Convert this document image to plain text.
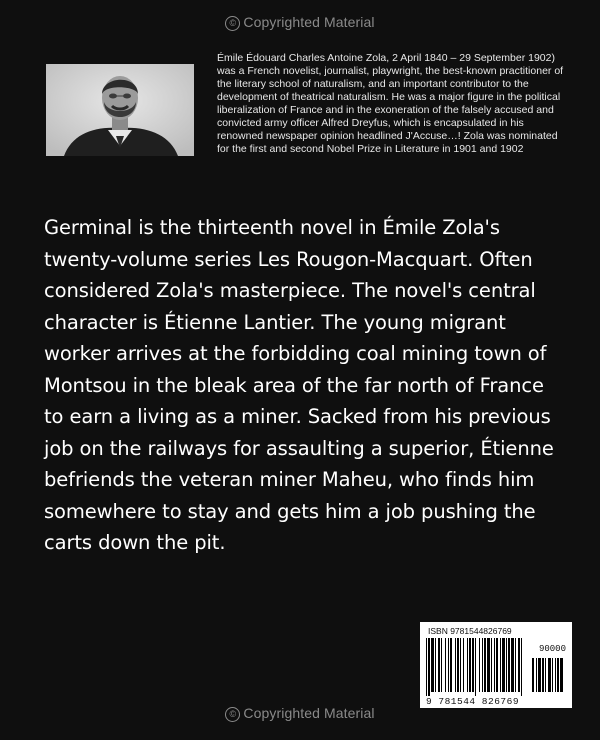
© Copyrighted Material

Émile Édouard Charles Antoine Zola, 2 April 1840 – 29 September 1902) was a French novelist, journalist, playwright, the best-known practitioner of the literary school of naturalism, and an important contributor to the development of theatrical naturalism. He was a major figure in the political liberalization of France and in the exoneration of the falsely accused and convicted army officer Alfred Dreyfus, which is encapsulated in his renowned newspaper opinion headlined J'Accuse…! Zola was nominated for the first and second Nobel Prize in Literature in 1901 and 1902

Germinal is the thirteenth novel in Émile Zola's twenty-volume series Les Rougon-Macquart. Often considered Zola's masterpiece. The novel's central character is Étienne Lantier. The young migrant worker arrives at the forbidding coal mining town of Montsou in the bleak area of the far north of France to earn a living as a miner. Sacked from his previous job on the railways for assaulting a superior, Étienne befriends the veteran miner Maheu, who finds him somewhere to stay and gets him a job pushing the carts down the pit.

ISBN 9781544826769
90000
9 781544 826769
© Copyrighted Material
